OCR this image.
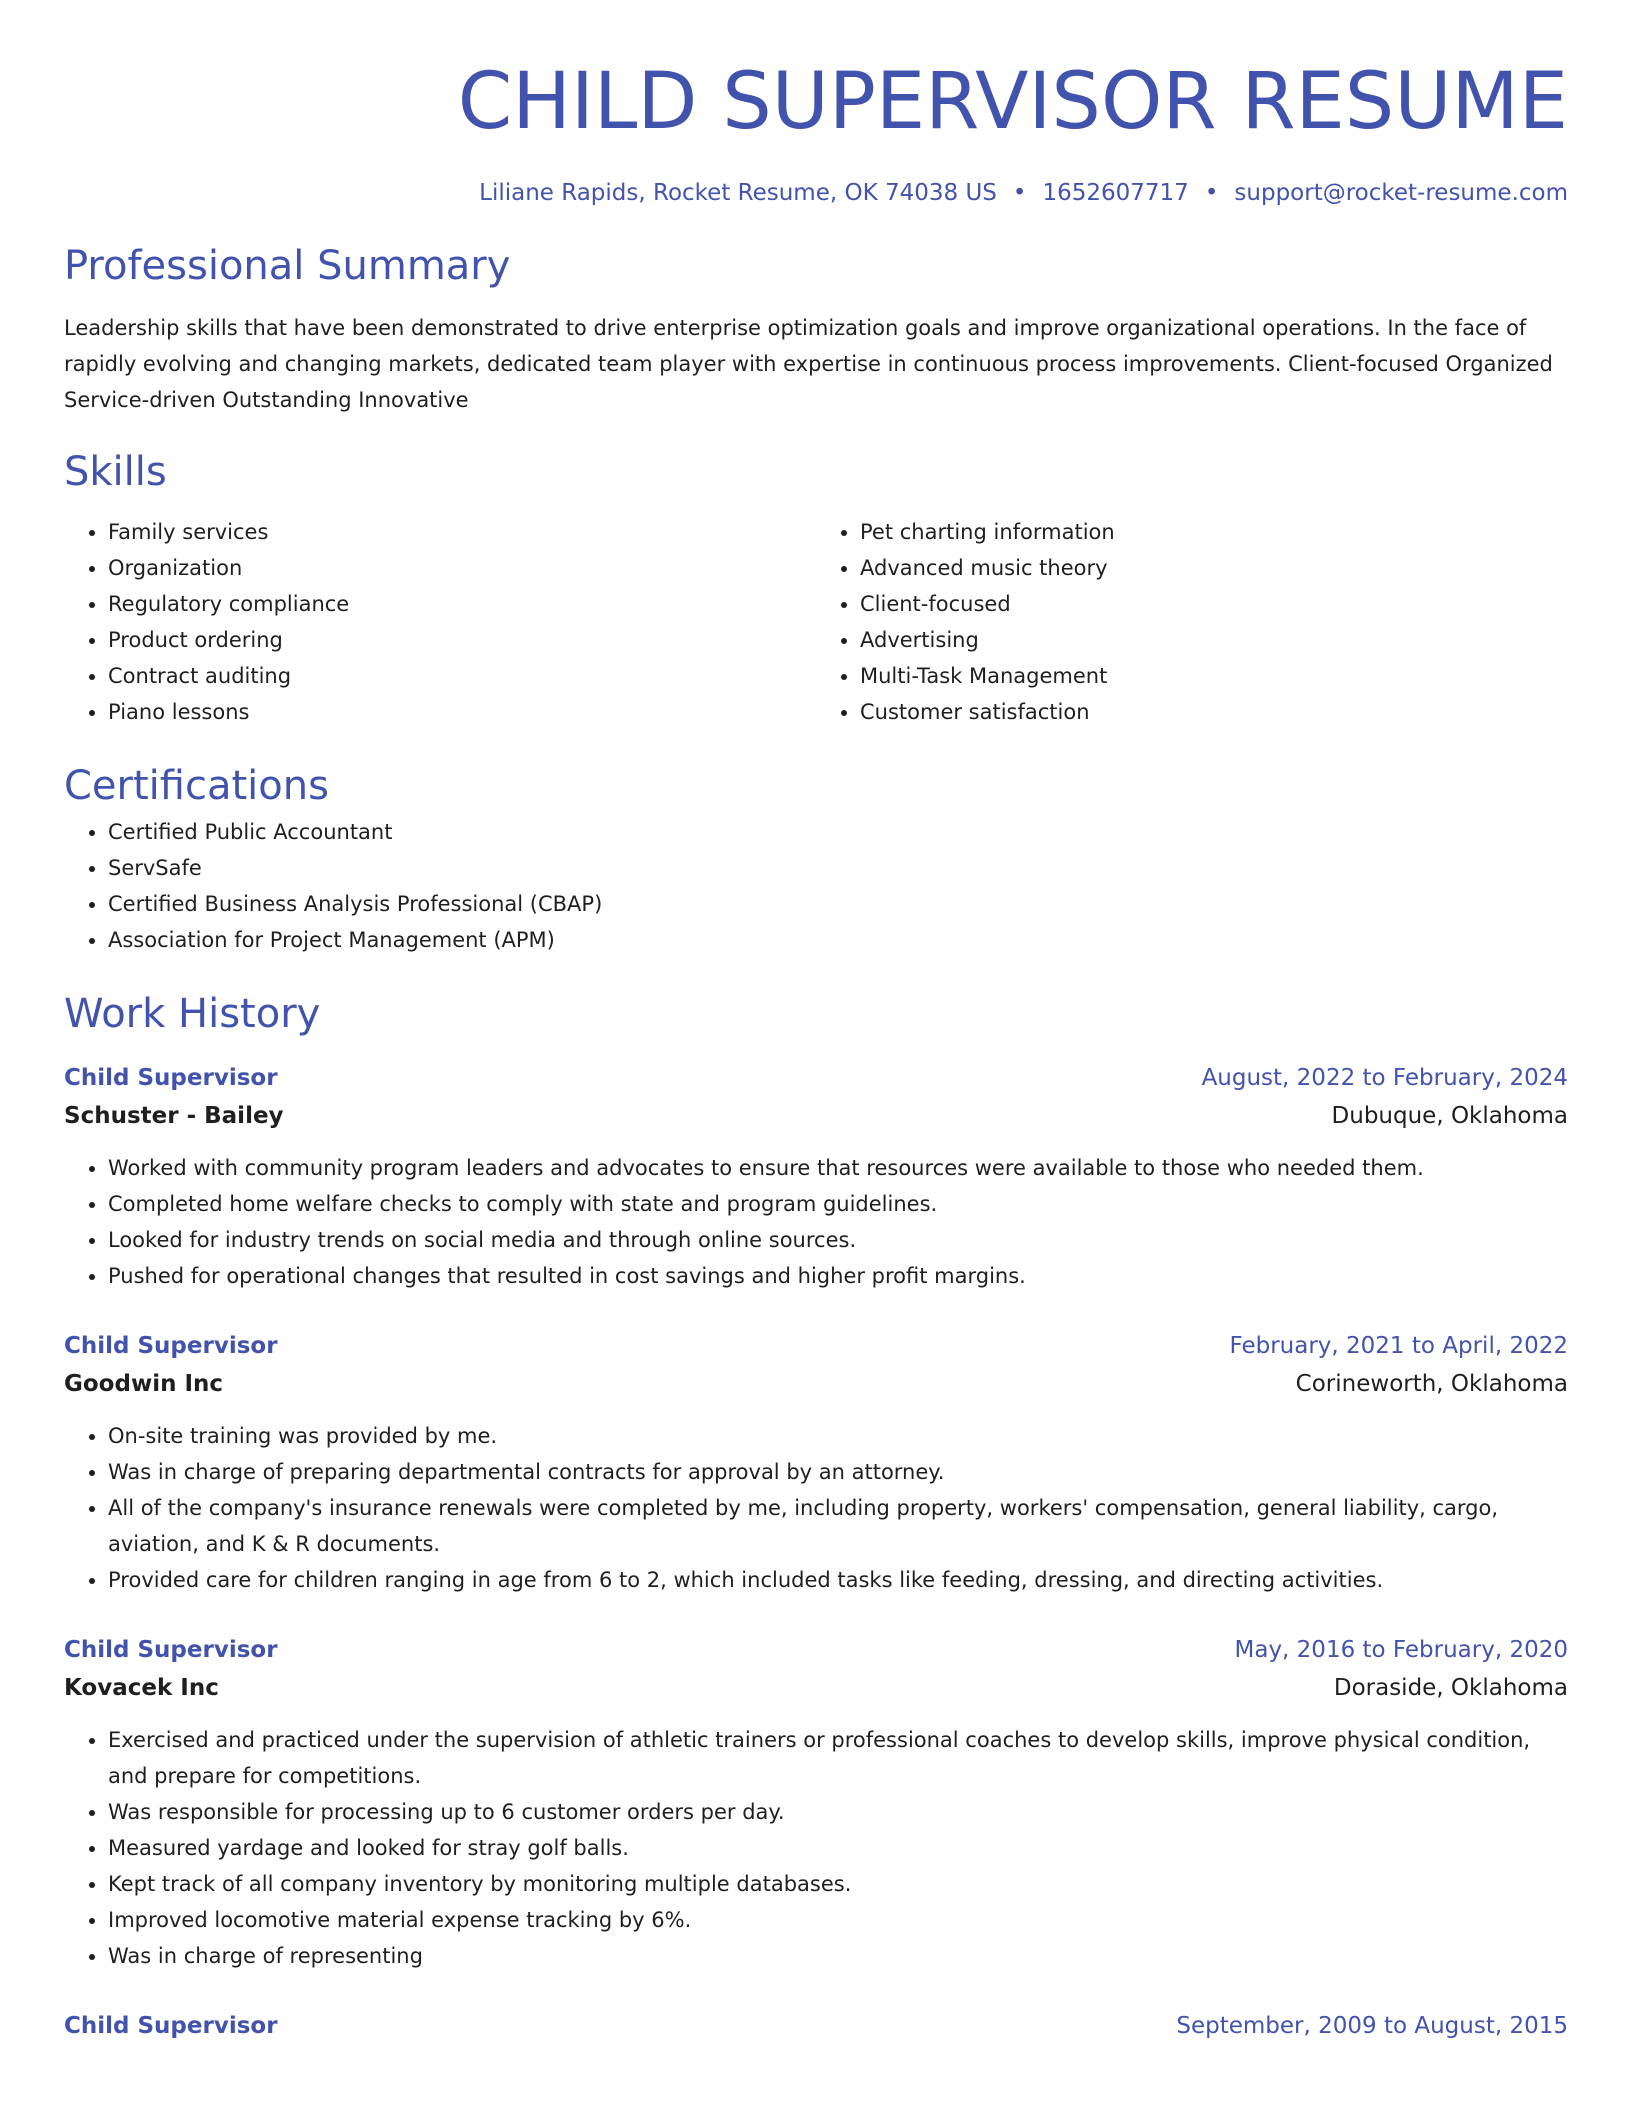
CHILD SUPERVISOR RESUME
Liliane Rapids, Rocket Resume, OK 74038 US • 1652607717 • support@rocket-resume.com
Professional Summary

Leadership skills that have been demonstrated to drive enterprise optimization goals and improve organizational operations. In the face of rapidly evolving and changing markets, dedicated team player with expertise in continuous process improvements. Client-focused Organized Service-driven Outstanding Innovative

Skills
• Family services
• Organization
• Regulatory compliance
• Product ordering
• Contract auditing
• Piano lessons
• Pet charting information
• Advanced music theory
• Client-focused
• Advertising
• Multi-Task Management
• Customer satisfaction
Certifications
• Certified Public Accountant
• ServSafe
• Certified Business Analysis Professional (CBAP)
• Association for Project Management (APM)
Work History
Child Supervisor	August, 2022 to February, 2024
Schuster - Bailey	Dubuque, Oklahoma
• Worked with community program leaders and advocates to ensure that resources were available to those who needed them.
• Completed home welfare checks to comply with state and program guidelines.
• Looked for industry trends on social media and through online sources.
• Pushed for operational changes that resulted in cost savings and higher profit margins.
Child Supervisor	February, 2021 to April, 2022
Goodwin Inc	Corineworth, Oklahoma
• On-site training was provided by me.
• Was in charge of preparing departmental contracts for approval by an attorney.
• All of the company's insurance renewals were completed by me, including property, workers' compensation, general liability, cargo, aviation, and K & R documents.
• Provided care for children ranging in age from 6 to 2, which included tasks like feeding, dressing, and directing activities.
Child Supervisor	May, 2016 to February, 2020
Kovacek Inc	Doraside, Oklahoma
• Exercised and practiced under the supervision of athletic trainers or professional coaches to develop skills, improve physical condition, and prepare for competitions.
• Was responsible for processing up to 6 customer orders per day.
• Measured yardage and looked for stray golf balls.
• Kept track of all company inventory by monitoring multiple databases.
• Improved locomotive material expense tracking by 6%.
• Was in charge of representing
Child Supervisor	September, 2009 to August, 2015
